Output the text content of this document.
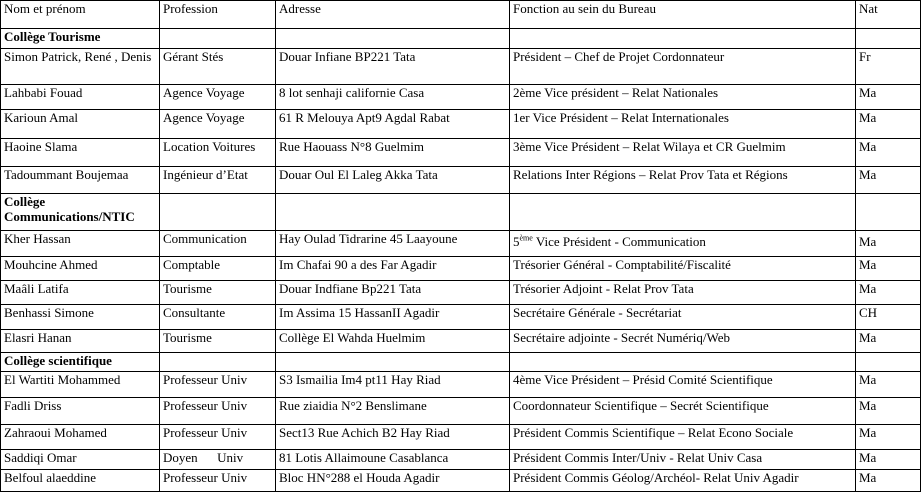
Nom et prénom	Profession	Adresse	Fonction au sein du Bureau	Nat
Collège Tourisme				
Simon Patrick, René , Denis	Gérant Stés	Douar Infiane BP221 Tata	Président – Chef de Projet Cordonnateur	Fr
Lahbabi Fouad	Agence Voyage	8 lot senhaji californie Casa	2ème Vice président – Relat Nationales	Ma
Karioun Amal	Agence Voyage	61 R Melouya Apt9 Agdal Rabat	1er Vice Président – Relat Internationales	Ma
Haoine Slama	Location Voitures	Rue Haouass N°8 Guelmim	3ème Vice Président – Relat Wilaya et CR Guelmim	Ma
Tadoummant Boujemaa	Ingénieur d’Etat	Douar Oul El Laleg Akka Tata	Relations Inter Régions – Relat Prov Tata et Régions	Ma
Collège Communications/NTIC				
Kher Hassan	Communication	Hay Oulad Tidrarine 45 Laayoune	5ème Vice Président - Communication	Ma
Mouhcine Ahmed	Comptable	Im Chafai 90 a des Far Agadir	Trésorier Général - Comptabilité/Fiscalité	Ma
Maâli Latifa	Tourisme	Douar Indfiane Bp221 Tata	Trésorier Adjoint - Relat Prov Tata	Ma
Benhassi Simone	Consultante	Im Assima 15 HassanII Agadir	Secrétaire Générale - Secrétariat	CH
Elasri Hanan	Tourisme	Collège El Wahda Huelmim	Secrétaire adjointe - Secrét Numériq/Web	Ma
Collège scientifique				
El Wartiti Mohammed	Professeur Univ	S3 Ismailia Im4 pt11 Hay Riad	4ème Vice Président – Présid Comité Scientifique	Ma
Fadli Driss	Professeur Univ	Rue ziaidia N°2 Benslimane	Coordonnateur Scientifique – Secrét Scientifique	Ma
Zahraoui Mohamed	Professeur Univ	Sect13 Rue Achich B2 Hay Riad	Président Commis Scientifique – Relat Econo Sociale	Ma
Saddiqi Omar	Doyen      Univ	81 Lotis Allaimoune Casablanca	Président Commis Inter/Univ - Relat Univ Casa	Ma
Belfoul alaeddine	Professeur Univ	Bloc HN°288 el Houda Agadir	Président Commis Géolog/Archéol- Relat Univ Agadir	Ma
